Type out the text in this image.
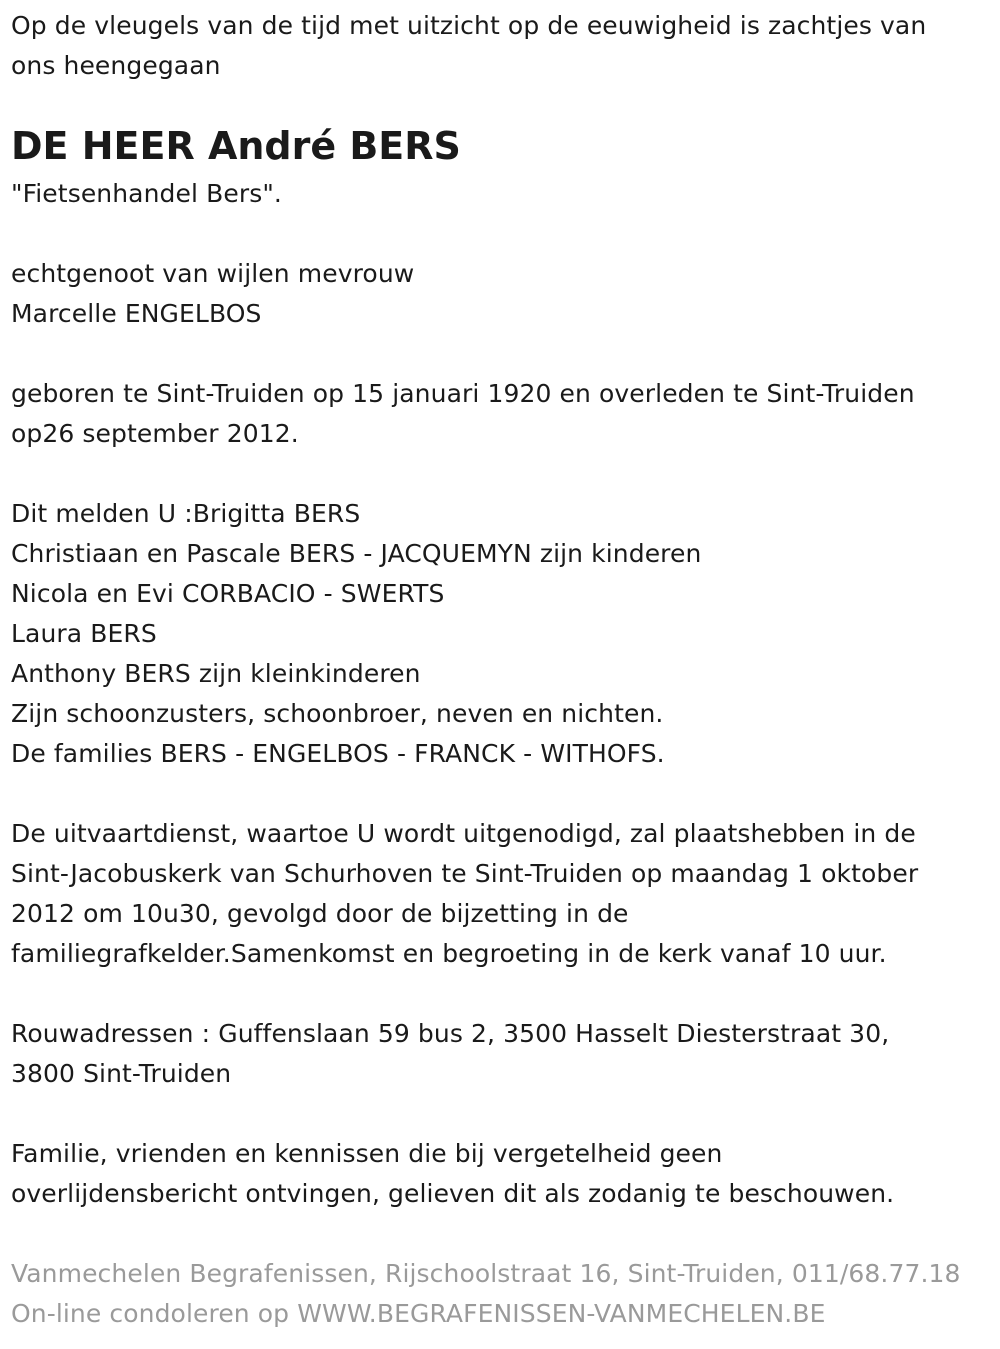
Op de vleugels van de tijd met uitzicht op de eeuwigheid is zachtjes van
ons heengegaan
DE HEER André BERS
"Fietsenhandel Bers".
echtgenoot van wijlen mevrouw
Marcelle ENGELBOS
geboren te Sint-Truiden op 15 januari 1920 en overleden te Sint-Truiden
op26 september 2012.
Dit melden U :Brigitta BERS
Christiaan en Pascale BERS - JACQUEMYN zijn kinderen
Nicola en Evi CORBACIO - SWERTS
Laura BERS
Anthony BERS zijn kleinkinderen
Zijn schoonzusters, schoonbroer, neven en nichten.
De families BERS - ENGELBOS - FRANCK - WITHOFS.
De uitvaartdienst, waartoe U wordt uitgenodigd, zal plaatshebben in de
Sint-Jacobuskerk van Schurhoven te Sint-Truiden op maandag 1 oktober
2012 om 10u30, gevolgd door de bijzetting in de
familiegrafkelder.Samenkomst en begroeting in de kerk vanaf 10 uur.
Rouwadressen : Guffenslaan 59 bus 2, 3500 Hasselt Diesterstraat 30,
3800 Sint-Truiden
Familie, vrienden en kennissen die bij vergetelheid geen
overlijdensbericht ontvingen, gelieven dit als zodanig te beschouwen.
Vanmechelen Begrafenissen, Rijschoolstraat 16, Sint-Truiden, 011/68.77.18
On-line condoleren op WWW.BEGRAFENISSEN-VANMECHELEN.BE
